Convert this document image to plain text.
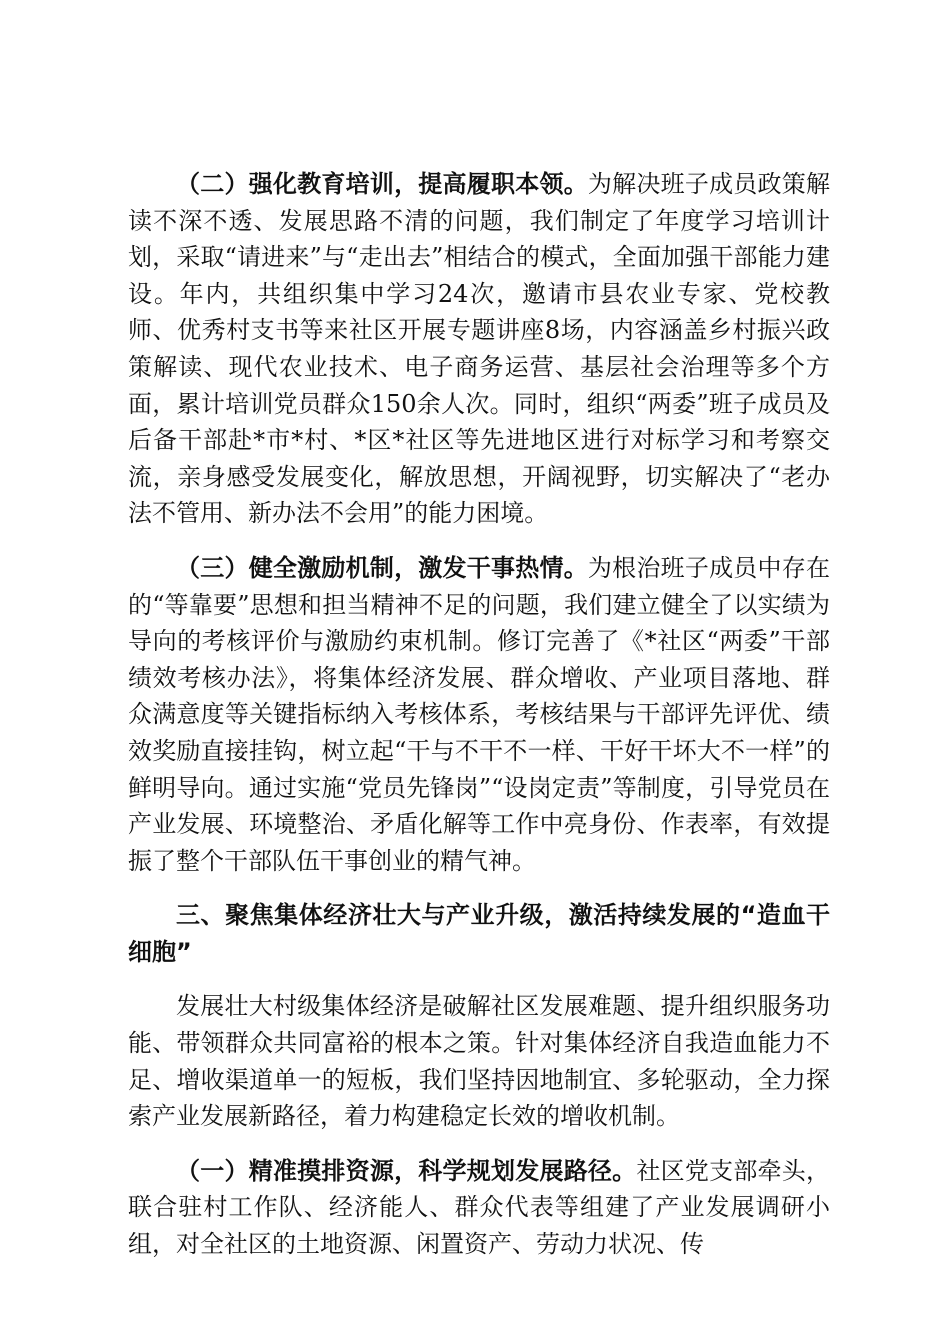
（二）强化教育培训，提高履职本领。为解决班子成员政策解读不深不透、发展思路不清的问题，我们制定了年度学习培训计划，采取“请进来”与“走出去”相结合的模式，全面加强干部能力建设。年内，共组织集中学习24次，邀请市县农业专家、党校教师、优秀村支书等来社区开展专题讲座8场，内容涵盖乡村振兴政策解读、现代农业技术、电子商务运营、基层社会治理等多个方面，累计培训党员群众150余人次。同时，组织“两委”班子成员及后备干部赴*市*村、*区*社区等先进地区进行对标学习和考察交流，亲身感受发展变化，解放思想，开阔视野，切实解决了“老办法不管用、新办法不会用”的能力困境。

（三）健全激励机制，激发干事热情。为根治班子成员中存在的“等靠要”思想和担当精神不足的问题，我们建立健全了以实绩为导向的考核评价与激励约束机制。修订完善了《*社区“两委”干部绩效考核办法》，将集体经济发展、群众增收、产业项目落地、群众满意度等关键指标纳入考核体系，考核结果与干部评先评优、绩效奖励直接挂钩，树立起“干与不干不一样、干好干坏大不一样”的鲜明导向。通过实施“党员先锋岗”“设岗定责”等制度，引导党员在产业发展、环境整治、矛盾化解等工作中亮身份、作表率，有效提振了整个干部队伍干事创业的精气神。

三、聚焦集体经济壮大与产业升级，激活持续发展的“造血干细胞”

发展壮大村级集体经济是破解社区发展难题、提升组织服务功能、带领群众共同富裕的根本之策。针对集体经济自我造血能力不足、增收渠道单一的短板，我们坚持因地制宜、多轮驱动，全力探索产业发展新路径，着力构建稳定长效的增收机制。

（一）精准摸排资源，科学规划发展路径。社区党支部牵头，联合驻村工作队、经济能人、群众代表等组建了产业发展调研小组，对全社区的土地资源、闲置资产、劳动力状况、传
